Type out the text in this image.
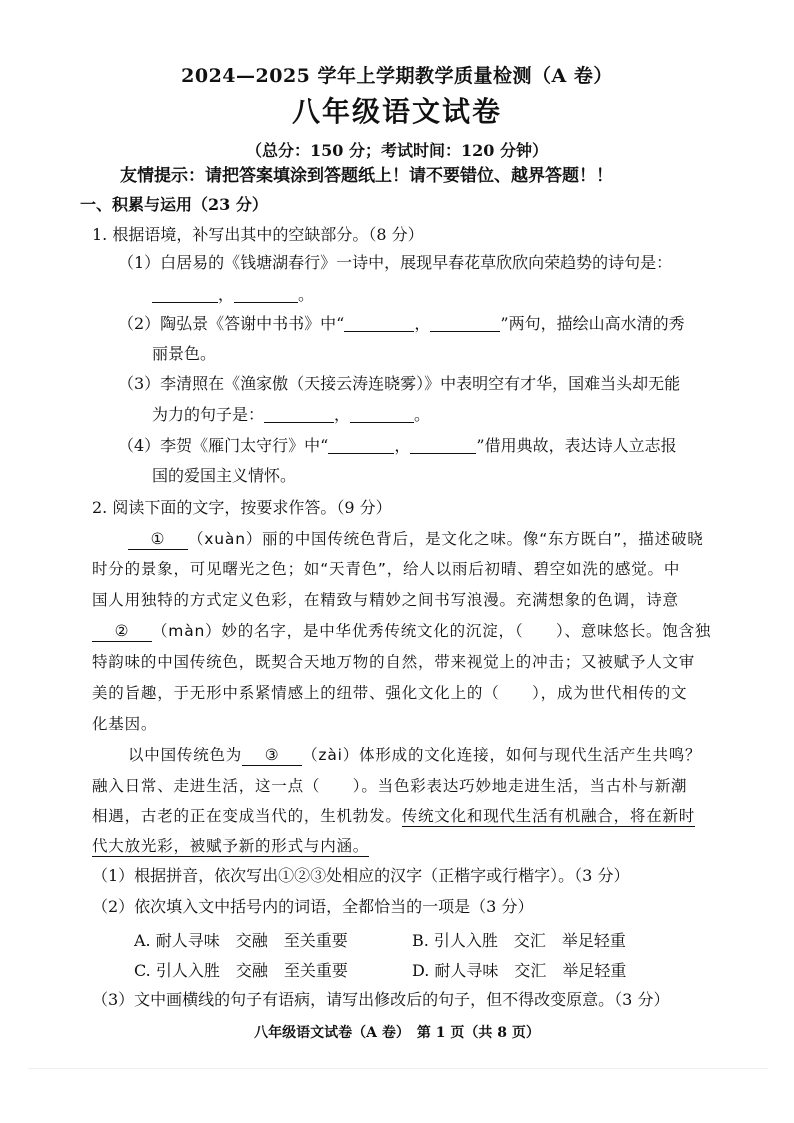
2024—2025 学年上学期教学质量检测（A 卷）
八年级语文试卷
（总分：150 分；考试时间：120 分钟）
友情提示：请把答案填涂到答题纸上！请不要错位、越界答题！！
一、积累与运用（23 分）
1. 根据语境，补写出其中的空缺部分。（8 分）
（1）白居易的《钱塘湖春行》一诗中，展现早春花草欣欣向荣趋势的诗句是：
，	。
（2）陶弘景《答谢中书书》中“	，	”两句，描绘山高水清的秀
丽景色。
（3）李清照在《渔家傲（天接云涛连晓雾）》中表明空有才华，国难当头却无能
为力的句子是：	，	。
（4）李贺《雁门太守行》中“	，	”借用典故，表达诗人立志报
国的爱国主义情怀。
2. 阅读下面的文字，按要求作答。（9 分）
① （xuàn）丽的中国传统色背后，是文化之味。像“东方既白”，描述破晓
时分的景象，可见曙光之色；如“天青色”，给人以雨后初晴、碧空如洗的感觉。中
国人用独特的方式定义色彩，在精致与精妙之间书写浪漫。充满想象的色调，诗意
② （màn）妙的名字，是中华优秀传统文化的沉淀，（　　）、意味悠长。饱含独
特韵味的中国传统色，既契合天地万物的自然，带来视觉上的冲击；又被赋予人文审
美的旨趣，于无形中系紧情感上的纽带、强化文化上的（　　），成为世代相传的文
化基因。
以中国传统色为 ③ （zài）体形成的文化连接，如何与现代生活产生共鸣？
融入日常、走进生活，这一点（　　）。当色彩表达巧妙地走进生活，当古朴与新潮
相遇，古老的正在变成当代的，生机勃发。传统文化和现代生活有机融合，将在新时
代大放光彩，被赋予新的形式与内涵。
（1）根据拼音，依次写出①②③处相应的汉字（正楷字或行楷字）。（3 分）
（2）依次填入文中括号内的词语，全都恰当的一项是（3 分）
A. 耐人寻味　交融　至关重要	B. 引人入胜　交汇　举足轻重
C. 引人入胜　交融　至关重要	D. 耐人寻味　交汇　举足轻重
（3）文中画横线的句子有语病，请写出修改后的句子，但不得改变原意。（3 分）
八年级语文试卷（A 卷）　第 1 页（共 8 页）
